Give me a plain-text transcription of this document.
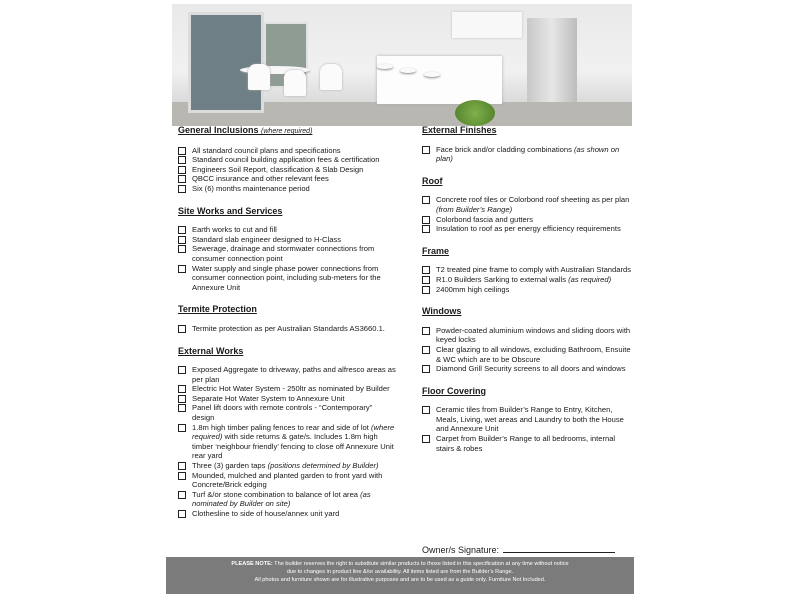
General Inclusions (where required)
All standard council plans and specifications
Standard council building application fees & certification
Engineers Soil Report, classification & Slab Design
QBCC insurance and other relevant fees
Six (6) months maintenance period
Site Works and Services
Earth works to cut and fill
Standard slab engineer designed to H-Class
Sewerage, drainage and stormwater connections from consumer connection point
Water supply and single phase power connections from consumer connection point, including sub-meters for the Annexure Unit
Termite Protection
Termite protection as per Australian Standards AS3660.1.
External Works
Exposed Aggregate to driveway, paths and alfresco areas as per plan
Electric Hot Water System - 250ltr as nominated by Builder
Separate Hot Water System to Annexure Unit
Panel lift doors with remote controls - “Contemporary” design
1.8m high timber paling fences to rear and side of lot (where required) with side returns & gate/s. Includes 1.8m high timber ‘neighbour friendly’ fencing to close off Annexure Unit rear yard
Three (3) garden taps (positions determined by Builder)
Mounded, mulched and planted garden to front yard with Concrete/Brick edging
Turf &/or stone combination to balance of lot area (as nominated by Builder on site)
Clothesline to side of house/annex unit yard
External Finishes
Face brick and/or cladding combinations (as shown on plan)
Roof
Concrete roof tiles or Colorbond roof sheeting as per plan (from Builder’s Range)
Colorbond fascia and gutters
Insulation to roof as per energy efficiency requirements
Frame
T2 treated pine frame to comply with Australian Standards
R1.0 Builders Sarking to external walls (as required)
2400mm high ceilings
Windows
Powder-coated aluminium windows and sliding doors with keyed locks
Clear glazing to all windows, excluding Bathroom, Ensuite & WC which are to be Obscure
Diamond Grill Security screens to all doors and windows
Floor Covering
Ceramic tiles from Builder’s Range to Entry, Kitchen, Meals, Living, wet areas and Laundry to both the House and Annexure Unit
Carpet from Builder’s Range to all bedrooms, internal stairs & robes
Owner/s Signature:
PLEASE NOTE: The builder reserves the right to substitute similar products to those listed in this specification at any time without notice
due to changes in product line &/or availability. All items listed are from the Builder’s Range.
All photos and furniture shown are for illustrative purposes and are to be used as a guide only. Furniture Not Included.
